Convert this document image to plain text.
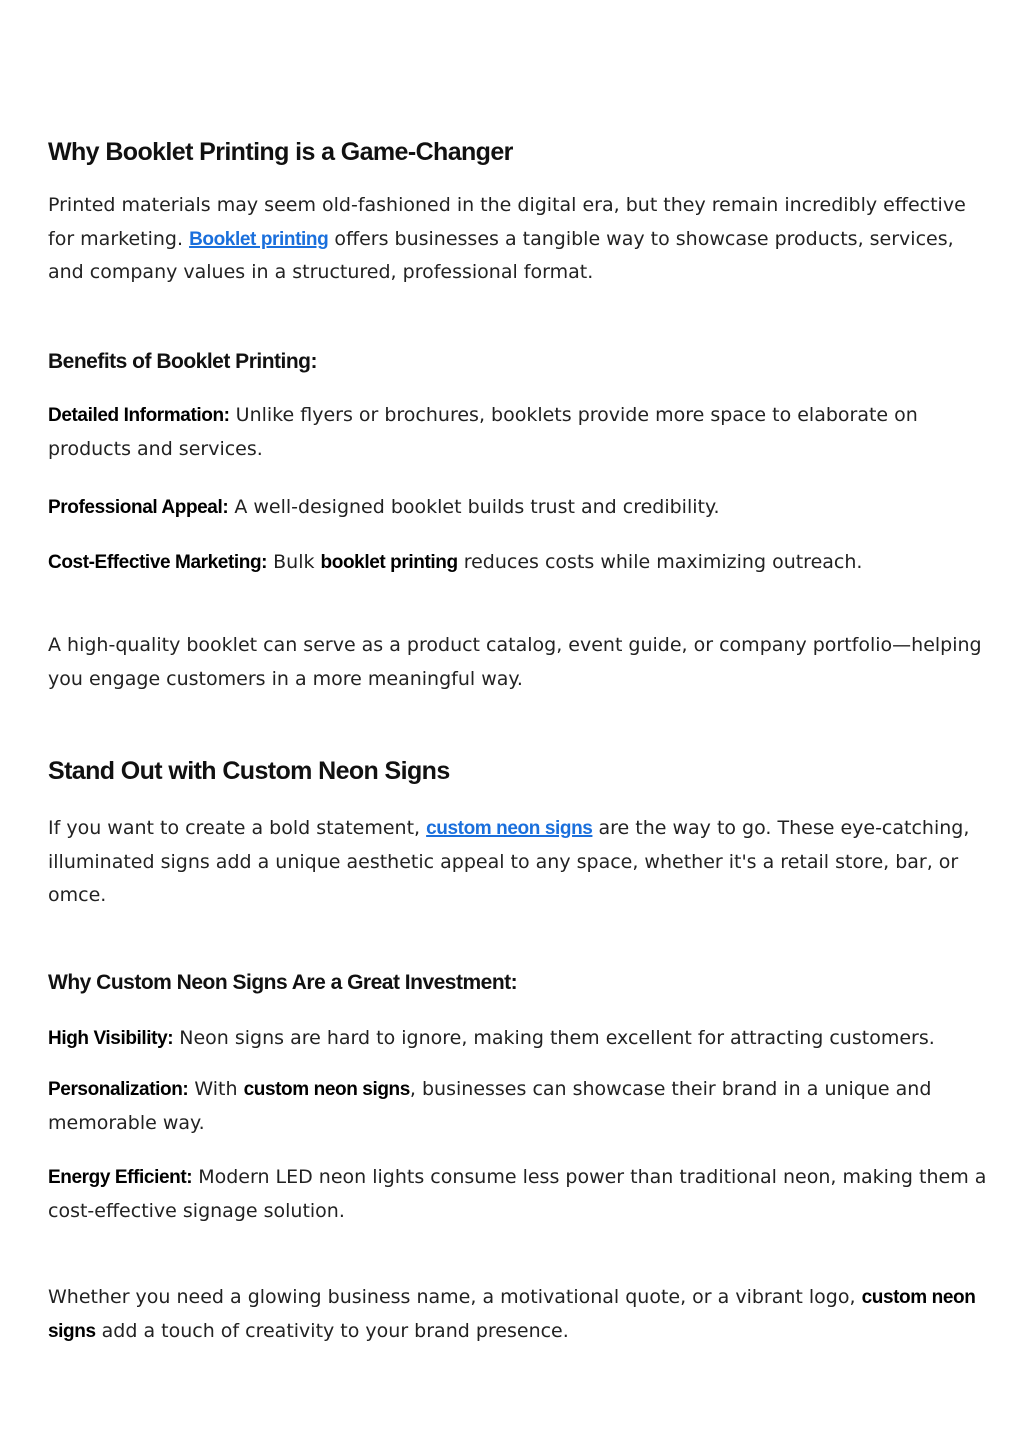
Why Booklet Printing is a Game-Changer

Printed materials may seem old-fashioned in the digital era, but they remain incredibly effective for marketing. Booklet printing offers businesses a tangible way to showcase products, services, and company values in a structured, professional format.

Benefits of Booklet Printing:

Detailed Information: Unlike flyers or brochures, booklets provide more space to elaborate on products and services.

Professional Appeal: A well-designed booklet builds trust and credibility.

Cost-Effective Marketing: Bulk booklet printing reduces costs while maximizing outreach.

A high-quality booklet can serve as a product catalog, event guide, or company portfolio—helping you engage customers in a more meaningful way.

Stand Out with Custom Neon Signs

If you want to create a bold statement, custom neon signs are the way to go. These eye-catching, illuminated signs add a unique aesthetic appeal to any space, whether it's a retail store, bar, or omce.

Why Custom Neon Signs Are a Great Investment:

High Visibility: Neon signs are hard to ignore, making them excellent for attracting customers.

Personalization: With custom neon signs, businesses can showcase their brand in a unique and memorable way.

Energy Efficient: Modern LED neon lights consume less power than traditional neon, making them a cost-effective signage solution.

Whether you need a glowing business name, a motivational quote, or a vibrant logo, custom neon signs add a touch of creativity to your brand presence.
